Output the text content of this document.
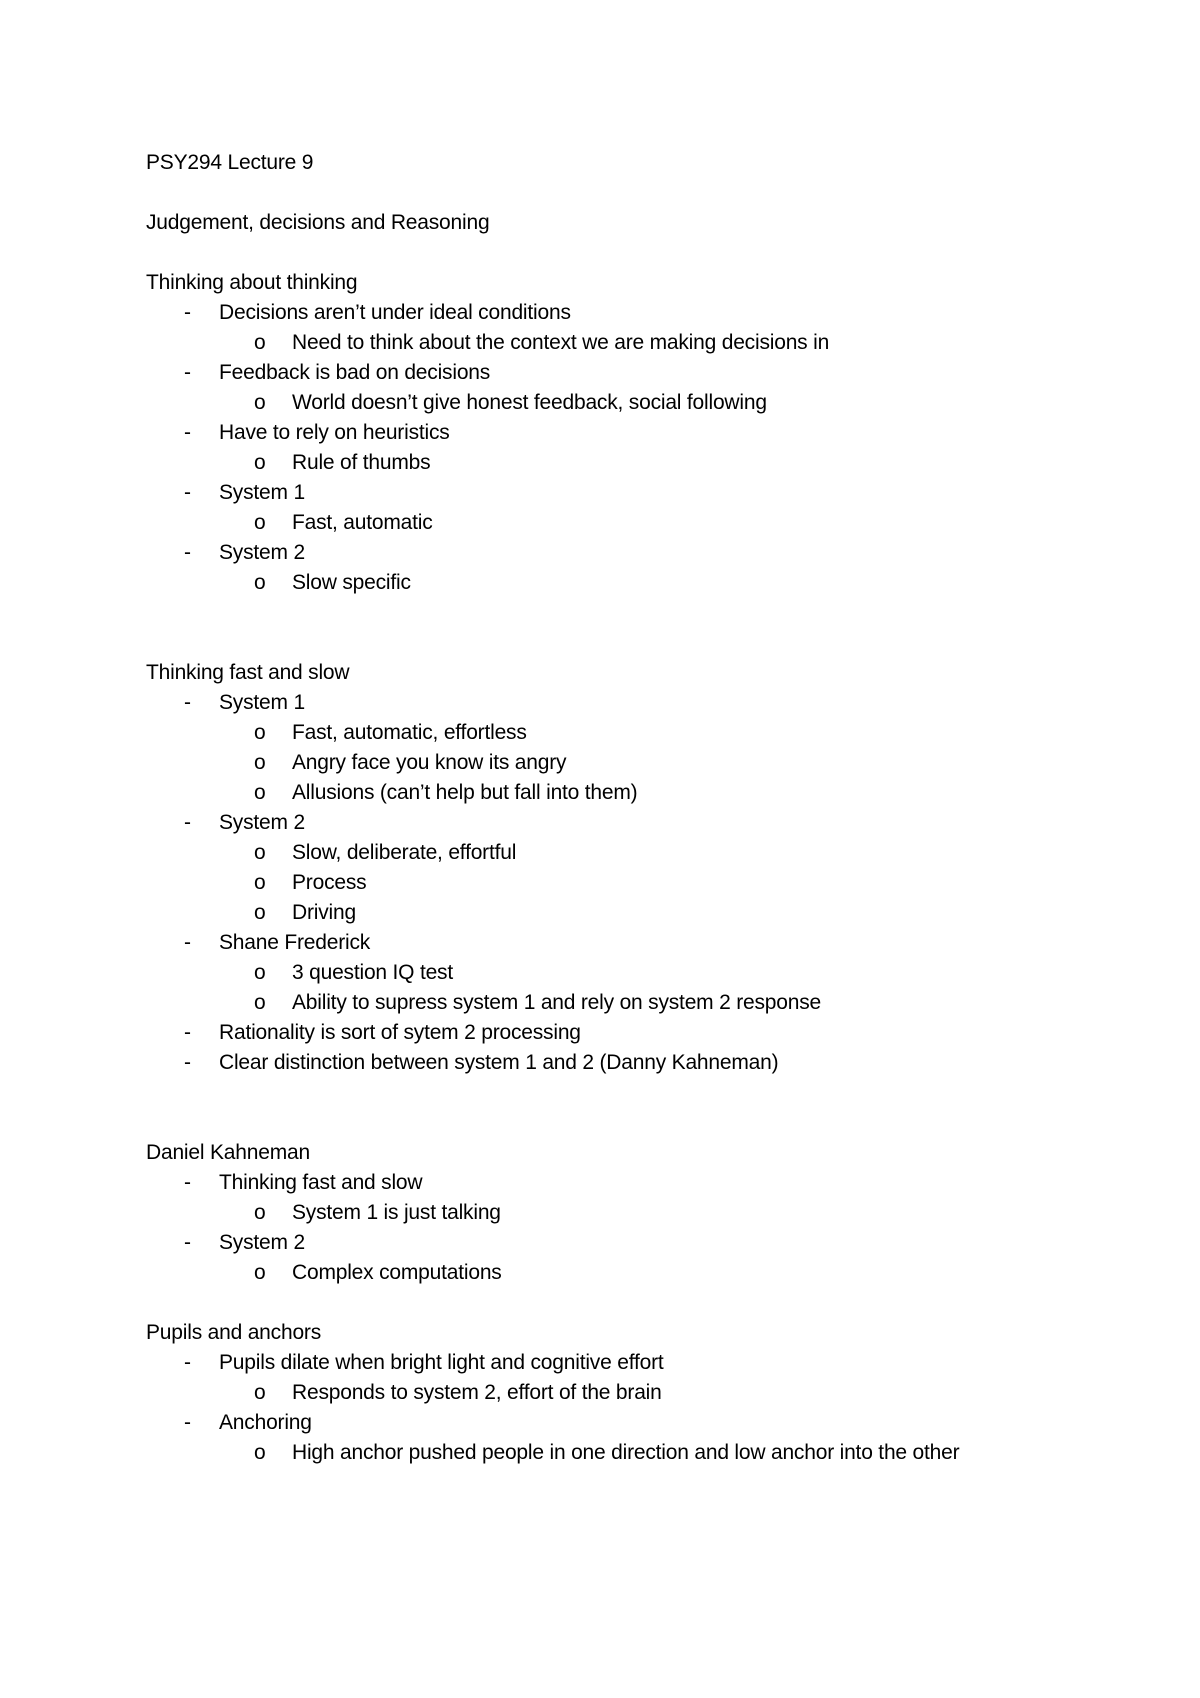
PSY294 Lecture 9
Judgement, decisions and Reasoning
Thinking about thinking
- Decisions aren’t under ideal conditions
o Need to think about the context we are making decisions in
- Feedback is bad on decisions
o World doesn’t give honest feedback, social following
- Have to rely on heuristics
o Rule of thumbs
- System 1
o Fast, automatic
- System 2
o Slow specific
Thinking fast and slow
- System 1
o Fast, automatic, effortless
o Angry face you know its angry
o Allusions (can’t help but fall into them)
- System 2
o Slow, deliberate, effortful
o Process
o Driving
- Shane Frederick
o 3 question IQ test
o Ability to supress system 1 and rely on system 2 response
- Rationality is sort of sytem 2 processing
- Clear distinction between system 1 and 2 (Danny Kahneman)
Daniel Kahneman
- Thinking fast and slow
o System 1 is just talking
- System 2
o Complex computations
Pupils and anchors
- Pupils dilate when bright light and cognitive effort
o Responds to system 2, effort of the brain
- Anchoring
o High anchor pushed people in one direction and low anchor into the other
